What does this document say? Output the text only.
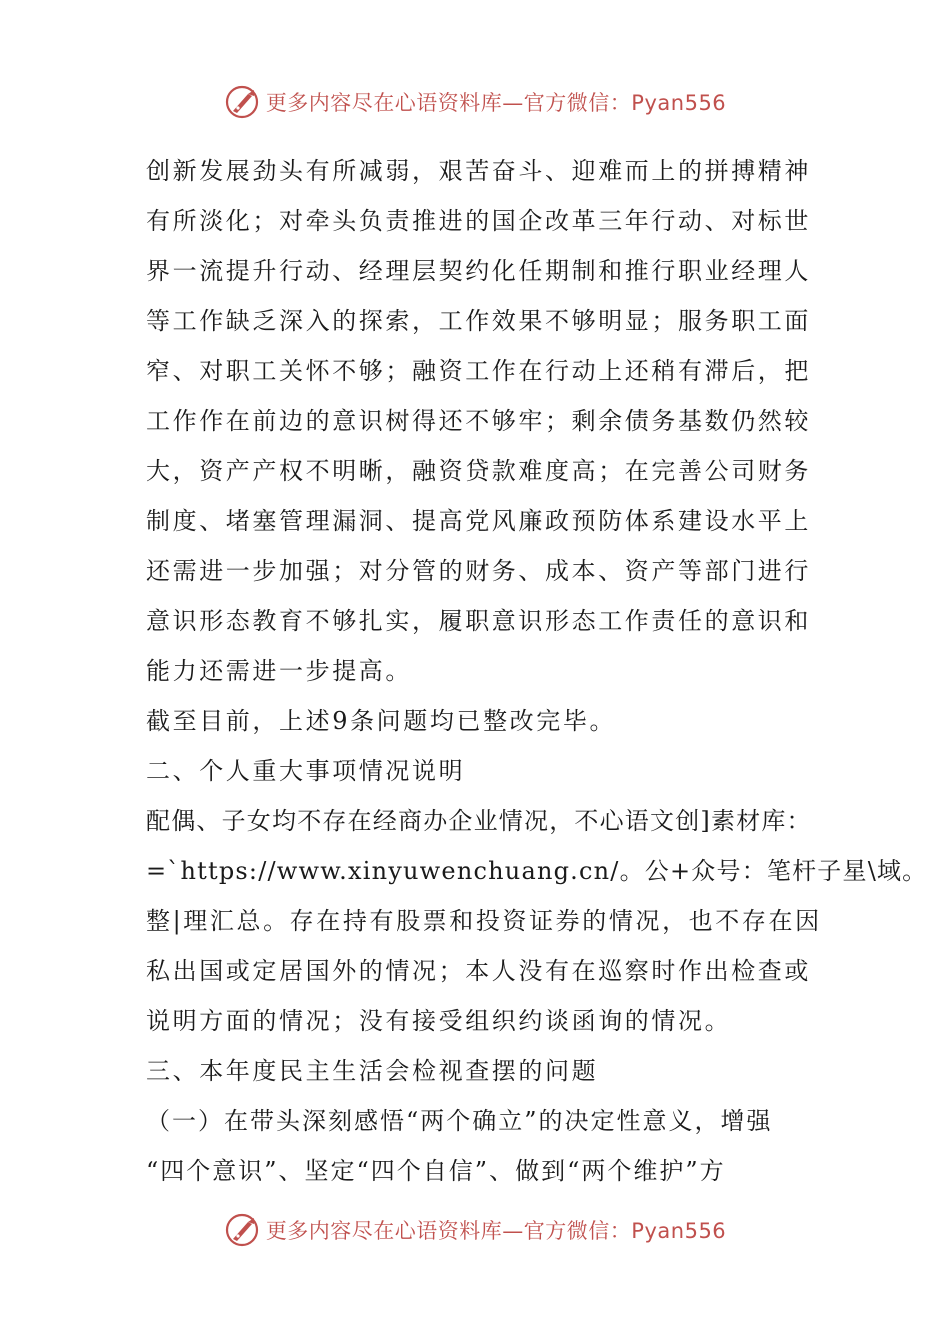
更多内容尽在心语资料库—官方微信：Pyan556
创新发展劲头有所减弱，艰苦奋斗、迎难而上的拼搏精神
有所淡化；对牵头负责推进的国企改革三年行动、对标世
界一流提升行动、经理层契约化任期制和推行职业经理人
等工作缺乏深入的探索，工作效果不够明显；服务职工面
窄、对职工关怀不够；融资工作在行动上还稍有滞后，把
工作作在前边的意识树得还不够牢；剩余债务基数仍然较
大，资产产权不明晰，融资贷款难度高；在完善公司财务
制度、堵塞管理漏洞、提高党风廉政预防体系建设水平上
还需进一步加强；对分管的财务、成本、资产等部门进行
意识形态教育不够扎实，履职意识形态工作责任的意识和
能力还需进一步提高。
截至目前，上述9条问题均已整改完毕。
二、个人重大事项情况说明
配偶、子女均不存在经商办企业情况，不心语文创]素材库：
=`https://www.xinyuwenchuang.cn/。公+众号：笔杆子星\域。
整|理汇总。存在持有股票和投资证券的情况，也不存在因
私出国或定居国外的情况；本人没有在巡察时作出检查或
说明方面的情况；没有接受组织约谈函询的情况。
三、本年度民主生活会检视查摆的问题
（一）在带头深刻感悟“两个确立”的决定性意义，增强
“四个意识”、坚定“四个自信”、做到“两个维护”方
更多内容尽在心语资料库—官方微信：Pyan556
